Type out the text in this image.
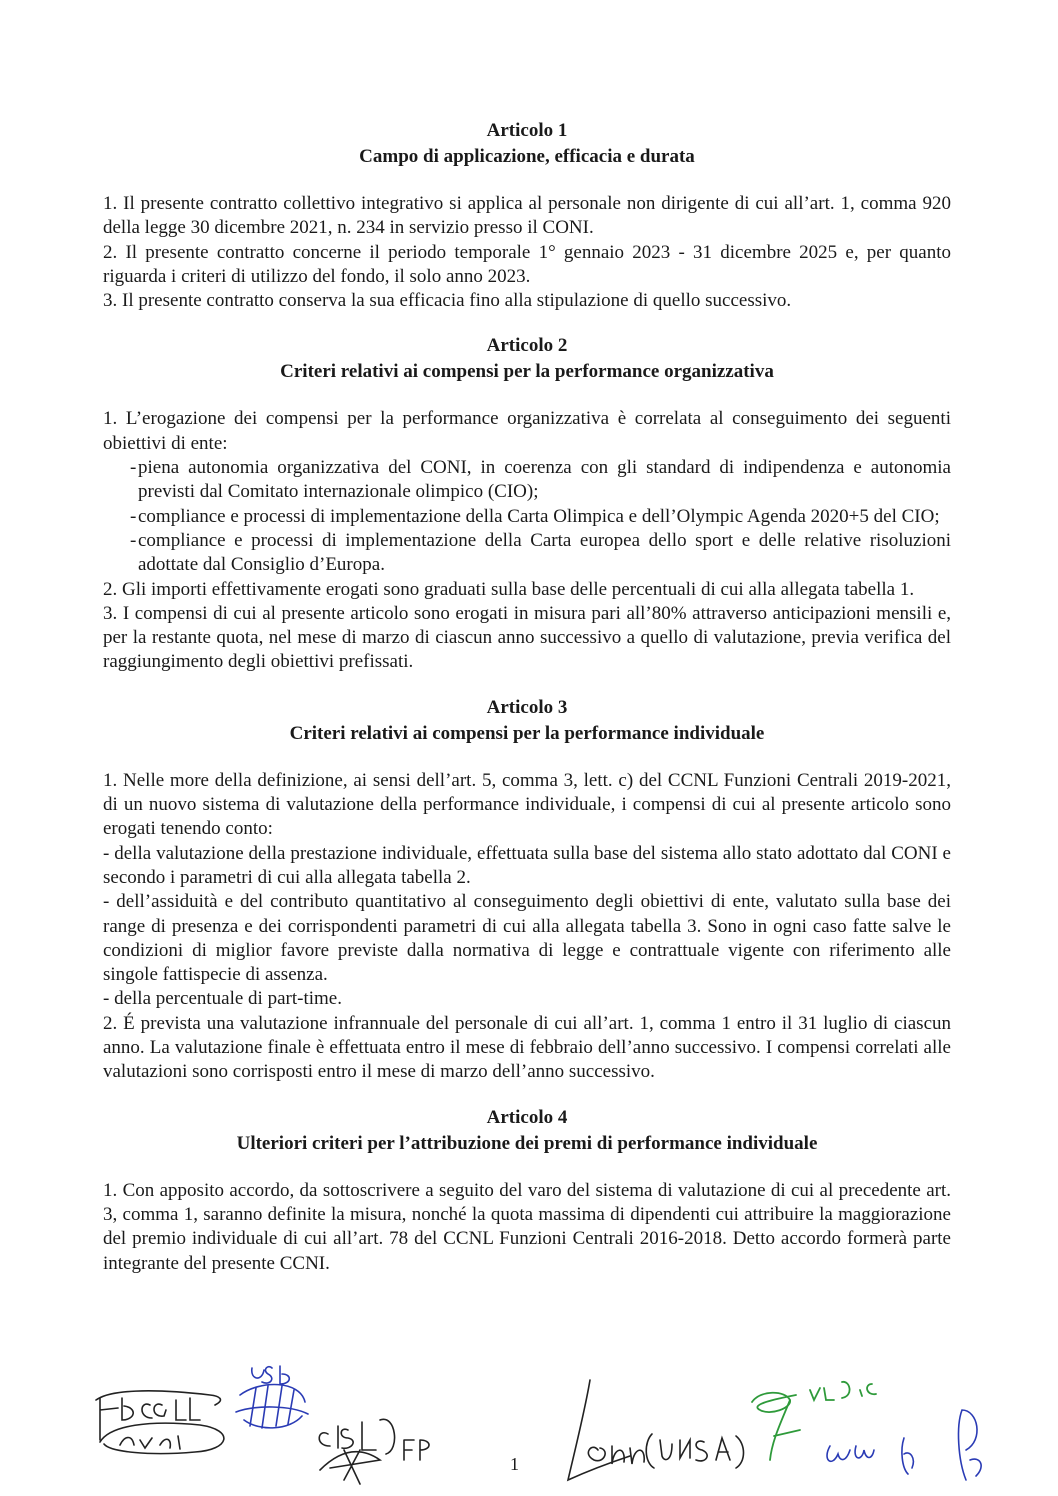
Articolo 1
Campo di applicazione, efficacia e durata

1. Il presente contratto collettivo integrativo si applica al personale non dirigente di cui all’art. 1, comma 920 della legge 30 dicembre 2021, n. 234 in servizio presso il CONI.

2. Il presente contratto concerne il periodo temporale 1° gennaio 2023 - 31 dicembre 2025 e, per quanto riguarda i criteri di utilizzo del fondo, il solo anno 2023.

3. Il presente contratto conserva la sua efficacia fino alla stipulazione di quello successivo.

Articolo 2
Criteri relativi ai compensi per la performance organizzativa

1. L’erogazione dei compensi per la performance organizzativa è correlata al conseguimento dei seguenti obiettivi di ente:

- piena autonomia organizzativa del CONI, in coerenza con gli standard di indipendenza e autonomia previsti dal Comitato internazionale olimpico (CIO);
- compliance e processi di implementazione della Carta Olimpica e dell’Olympic Agenda 2020+5 del CIO;
- compliance e processi di implementazione della Carta europea dello sport e delle relative risoluzioni adottate dal Consiglio d’Europa.

2. Gli importi effettivamente erogati sono graduati sulla base delle percentuali di cui alla allegata tabella 1.

3. I compensi di cui al presente articolo sono erogati in misura pari all’80% attraverso anticipazioni mensili e, per la restante quota, nel mese di marzo di ciascun anno successivo a quello di valutazione, previa verifica del raggiungimento degli obiettivi prefissati.

Articolo 3
Criteri relativi ai compensi per la performance individuale

1. Nelle more della definizione, ai sensi dell’art. 5, comma 3, lett. c) del CCNL Funzioni Centrali 2019-2021, di un nuovo sistema di valutazione della performance individuale, i compensi di cui al presente articolo sono erogati tenendo conto:

- della valutazione della prestazione individuale, effettuata sulla base del sistema allo stato adottato dal CONI e secondo i parametri di cui alla allegata tabella 2.

- dell’assiduità e del contributo quantitativo al conseguimento degli obiettivi di ente, valutato sulla base dei range di presenza e dei corrispondenti parametri di cui alla allegata tabella 3. Sono in ogni caso fatte salve le condizioni di miglior favore previste dalla normativa di legge e contrattuale vigente con riferimento alle singole fattispecie di assenza.

- della percentuale di part-time.

2. É prevista una valutazione infrannuale del personale di cui all’art. 1, comma 1 entro il 31 luglio di ciascun anno. La valutazione finale è effettuata entro il mese di febbraio dell’anno successivo. I compensi correlati alle valutazioni sono corrisposti entro il mese di marzo dell’anno successivo.

Articolo 4
Ulteriori criteri per l’attribuzione dei premi di performance individuale

1. Con apposito accordo, da sottoscrivere a seguito del varo del sistema di valutazione di cui al precedente art. 3, comma 1, saranno definite la misura, nonché la quota massima di dipendenti cui attribuire la maggiorazione del premio individuale di cui all’art. 78 del CCNL Funzioni Centrali 2016-2018. Detto accordo formerà parte integrante del presente CCNI.

1
